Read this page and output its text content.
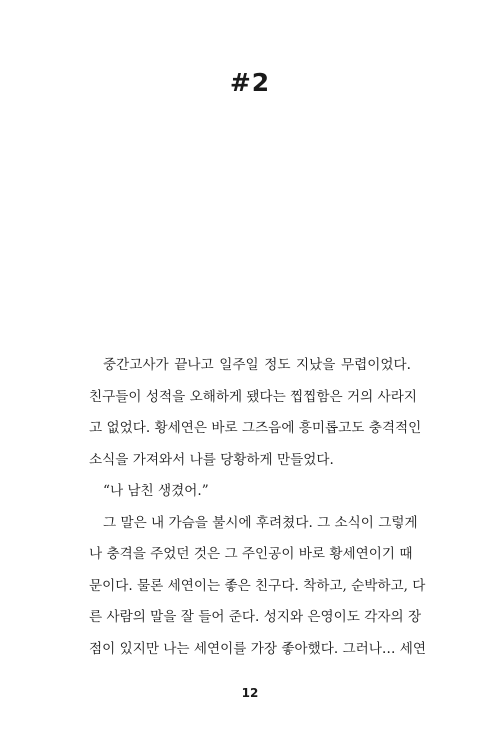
#2
중간고사가 끝나고 일주일 정도 지났을 무렵이었다.
친구들이 성적을 오해하게 됐다는 찝찝함은 거의 사라지
고 없었다. 황세연은 바로 그즈음에 흥미롭고도 충격적인
소식을 가져와서 나를 당황하게 만들었다.
“나 남친 생겼어.”
그 말은 내 가슴을 불시에 후려쳤다. 그 소식이 그렇게
나 충격을 주었던 것은 그 주인공이 바로 황세연이기 때
문이다. 물론 세연이는 좋은 친구다. 착하고, 순박하고, 다
른 사람의 말을 잘 들어 준다. 성지와 은영이도 각자의 장
점이 있지만 나는 세연이를 가장 좋아했다. 그러나… 세연
12
